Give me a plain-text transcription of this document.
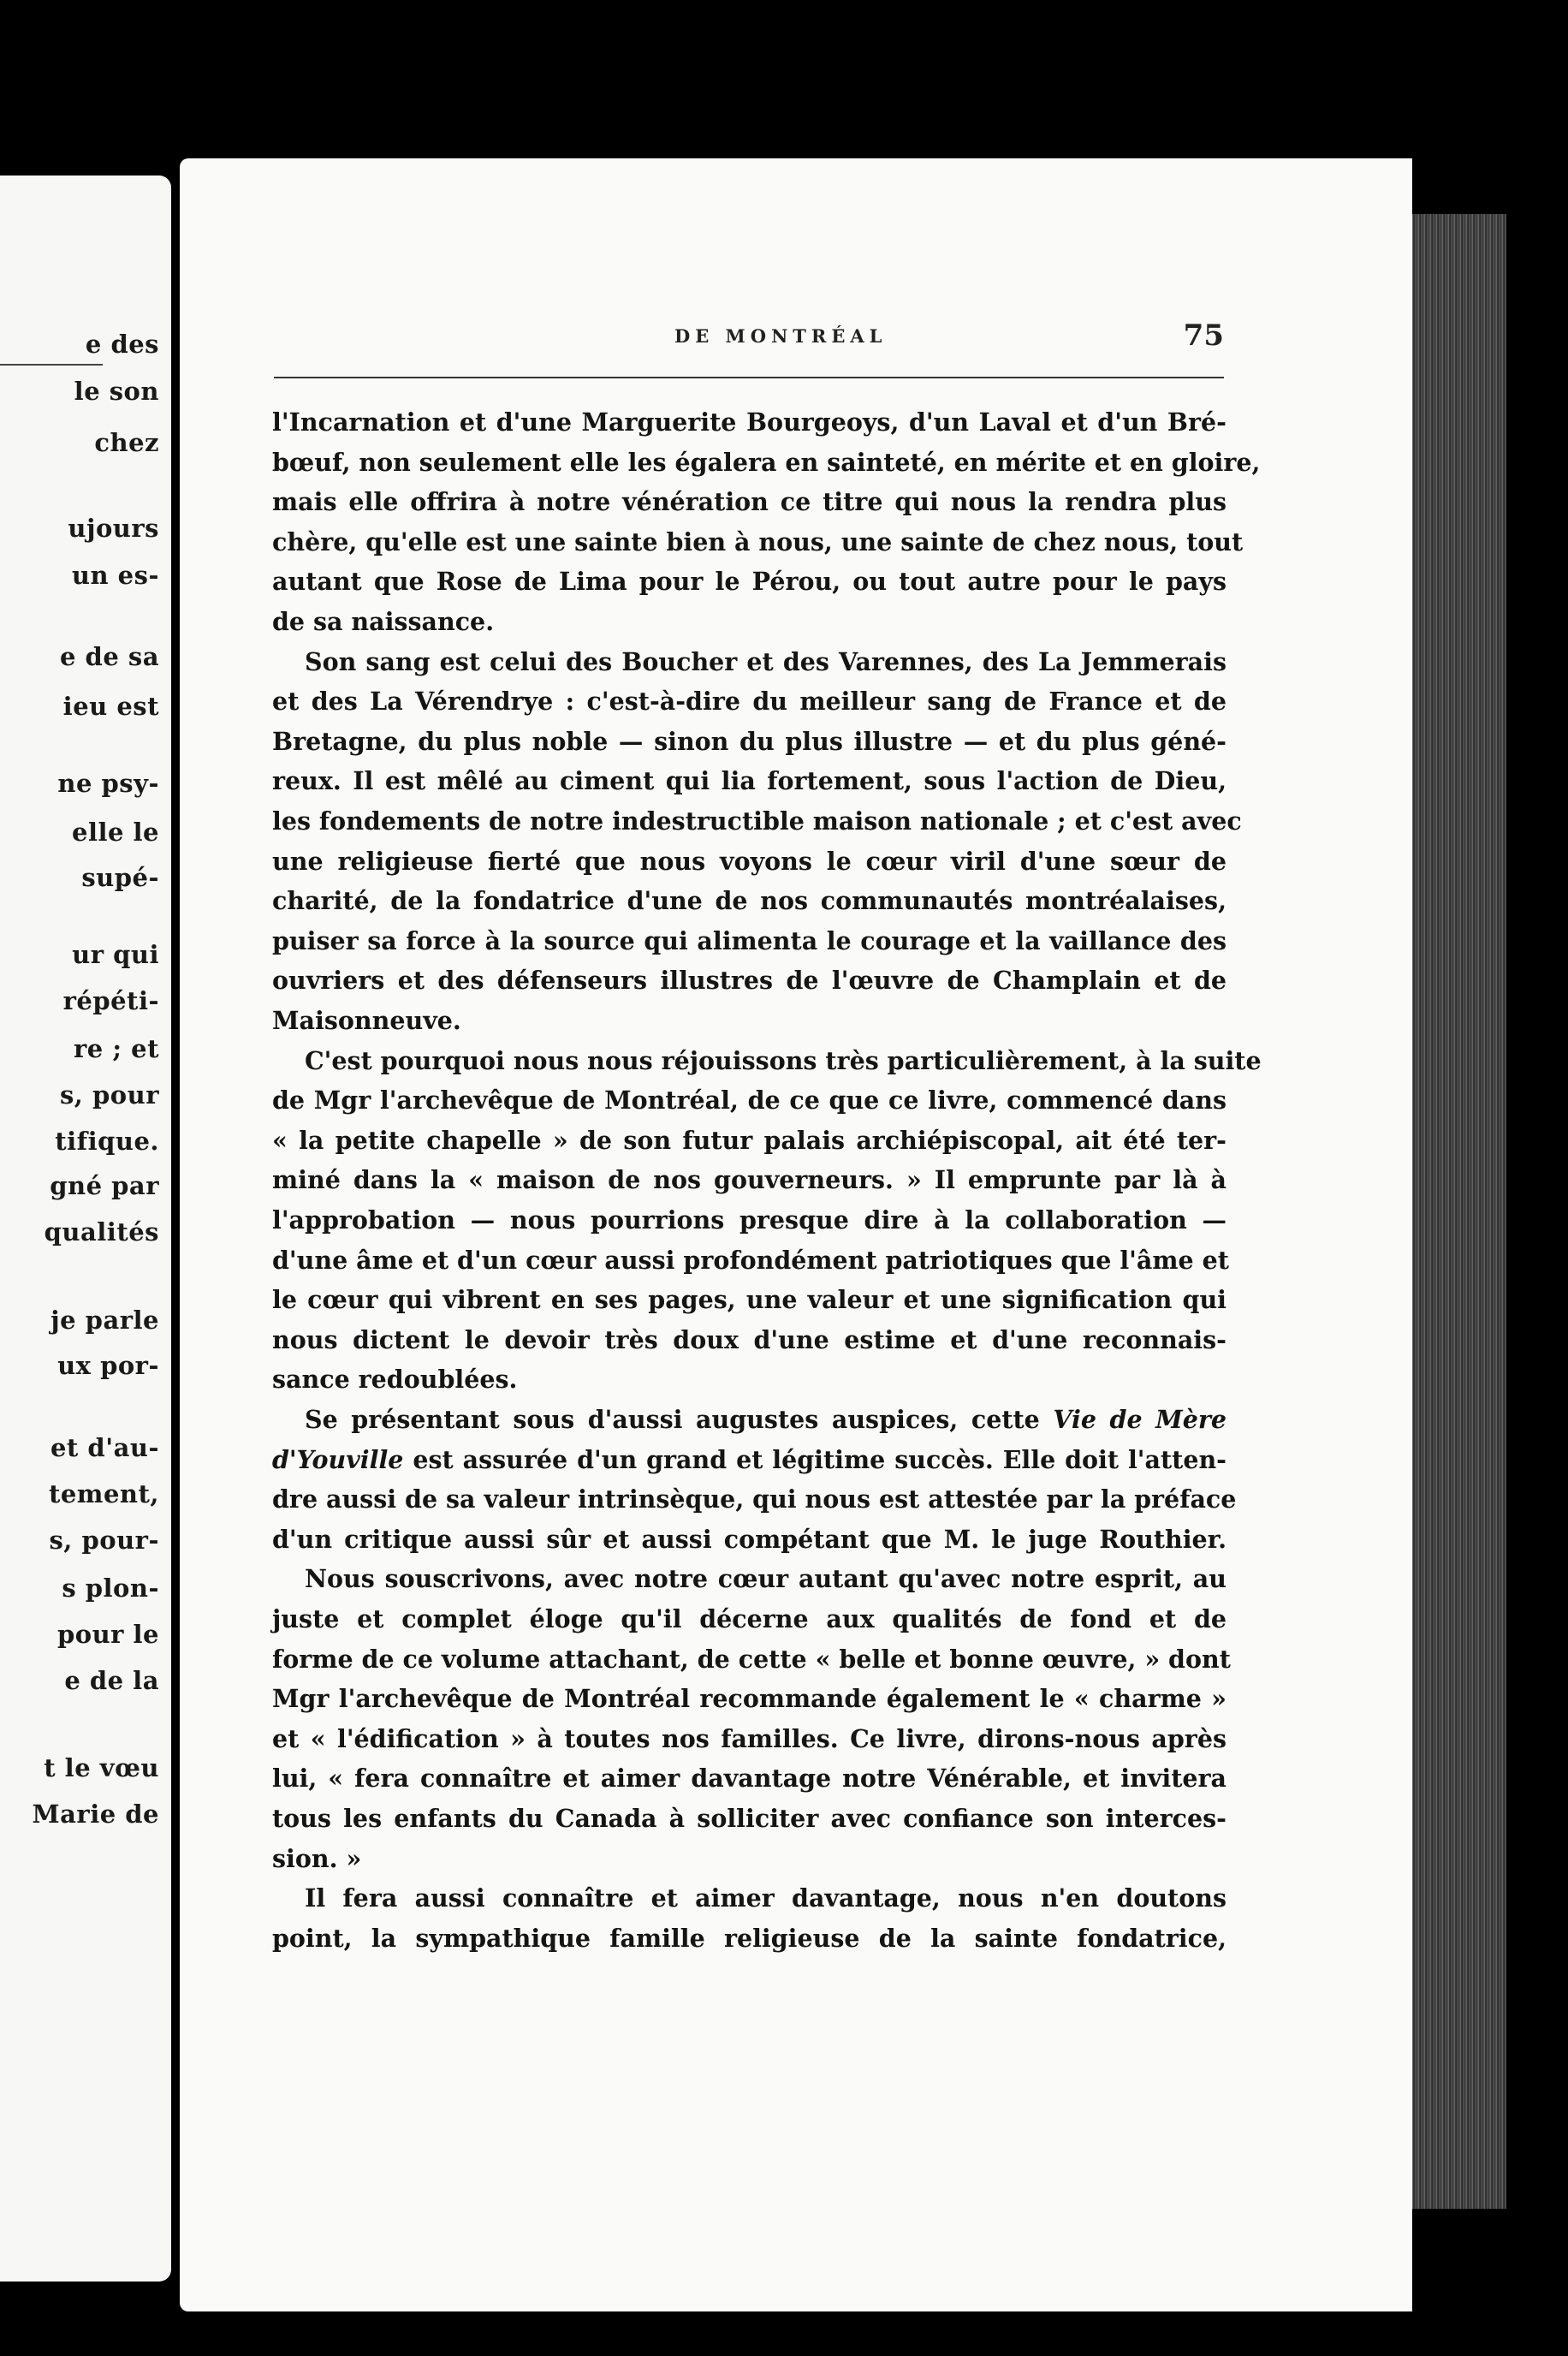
e des
le son
chez
ujours
un es-
e de sa
ieu est
ne psy-
elle le
supé-
ur qui
répéti-
re ; et
s, pour
tifique.
gné par
qualités
je parle
ux por-
et d'au-
tement,
s, pour-
s plon-
pour le
e de la
t le vœu
Marie de
DE MONTRÉAL	75
l'Incarnation et d'une Marguerite Bourgeoys, d'un Laval et d'un Bré-
bœuf, non seulement elle les égalera en sainteté, en mérite et en gloire,
mais elle offrira à notre vénération ce titre qui nous la rendra plus
chère, qu'elle est une sainte bien à nous, une sainte de chez nous, tout
autant que Rose de Lima pour le Pérou, ou tout autre pour le pays
de sa naissance.
Son sang est celui des Boucher et des Varennes, des La Jemmerais
et des La Vérendrye : c'est-à-dire du meilleur sang de France et de
Bretagne, du plus noble — sinon du plus illustre — et du plus géné-
reux. Il est mêlé au ciment qui lia fortement, sous l'action de Dieu,
les fondements de notre indestructible maison nationale ; et c'est avec
une religieuse fierté que nous voyons le cœur viril d'une sœur de
charité, de la fondatrice d'une de nos communautés montréalaises,
puiser sa force à la source qui alimenta le courage et la vaillance des
ouvriers et des défenseurs illustres de l'œuvre de Champlain et de
Maisonneuve.
C'est pourquoi nous nous réjouissons très particulièrement, à la suite
de Mgr l'archevêque de Montréal, de ce que ce livre, commencé dans
« la petite chapelle » de son futur palais archiépiscopal, ait été ter-
miné dans la « maison de nos gouverneurs. » Il emprunte par là à
l'approbation — nous pourrions presque dire à la collaboration —
d'une âme et d'un cœur aussi profondément patriotiques que l'âme et
le cœur qui vibrent en ses pages, une valeur et une signification qui
nous dictent le devoir très doux d'une estime et d'une reconnais-
sance redoublées.
Se présentant sous d'aussi augustes auspices, cette Vie de Mère
d'Youville est assurée d'un grand et légitime succès. Elle doit l'atten-
dre aussi de sa valeur intrinsèque, qui nous est attestée par la préface
d'un critique aussi sûr et aussi compétant que M. le juge Routhier.
Nous souscrivons, avec notre cœur autant qu'avec notre esprit, au
juste et complet éloge qu'il décerne aux qualités de fond et de
forme de ce volume attachant, de cette « belle et bonne œuvre, » dont
Mgr l'archevêque de Montréal recommande également le « charme »
et « l'édification » à toutes nos familles. Ce livre, dirons-nous après
lui, « fera connaître et aimer davantage notre Vénérable, et invitera
tous les enfants du Canada à solliciter avec confiance son interces-
sion. »
Il fera aussi connaître et aimer davantage, nous n'en doutons
point, la sympathique famille religieuse de la sainte fondatrice,
